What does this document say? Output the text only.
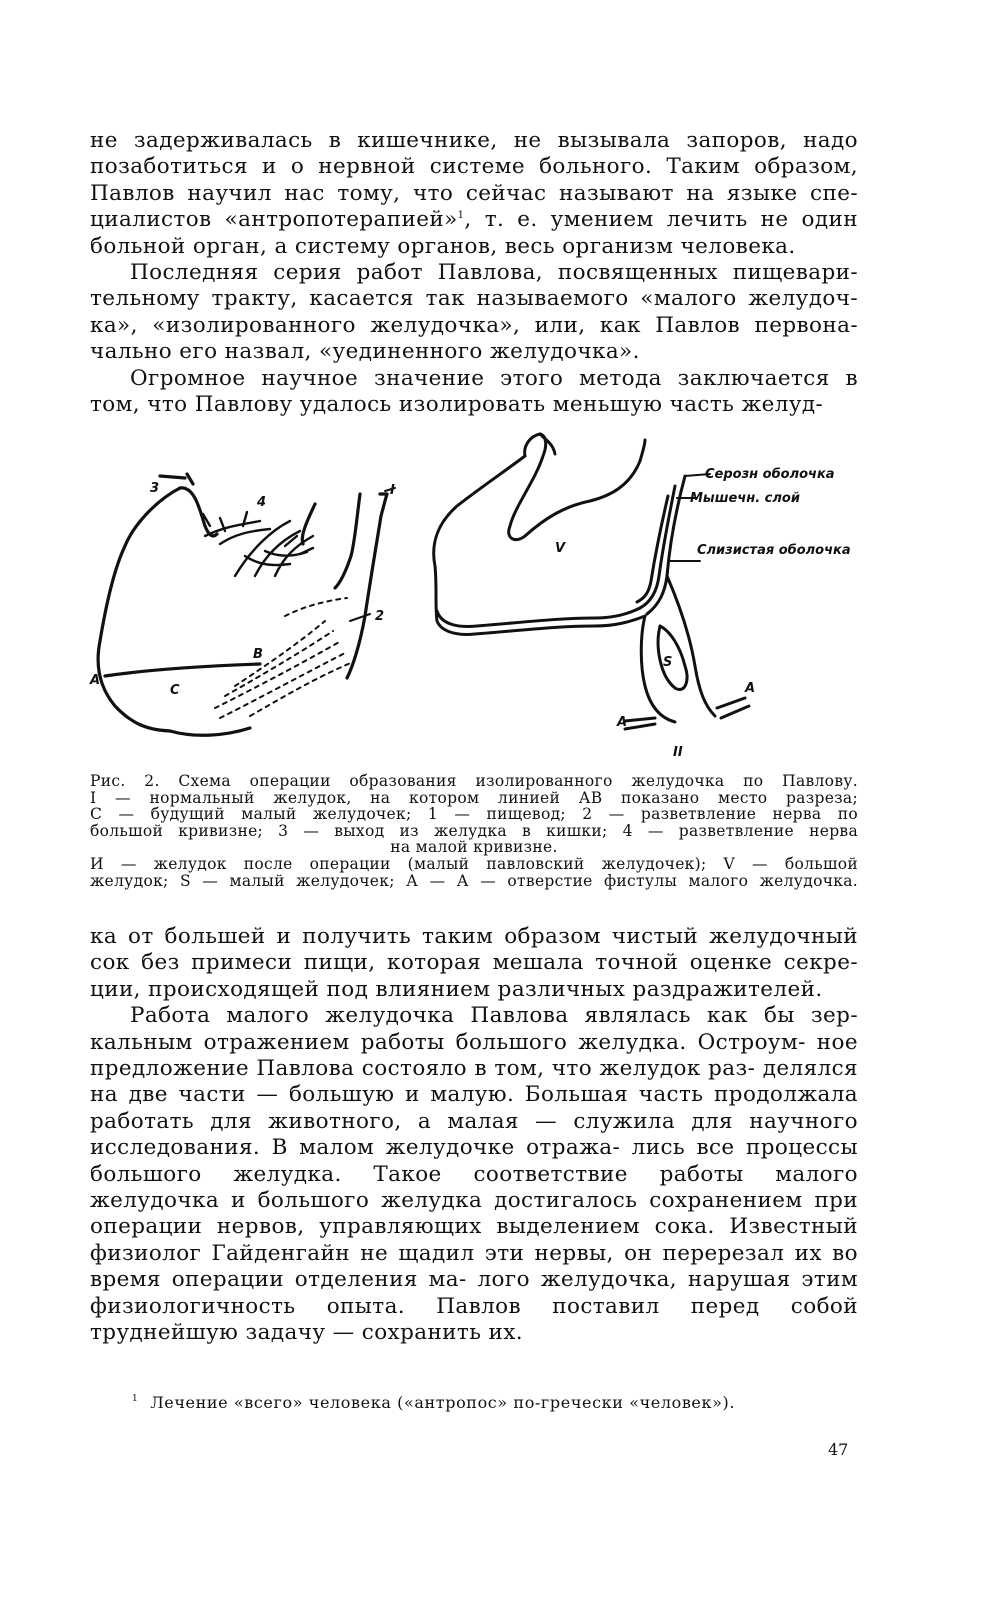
не задерживалась в кишечнике, не вызывала запоров, надо позаботиться и о нервной системе больного. Таким образом, Павлов научил нас тому, что сейчас называют на языке спе- циалистов «антропотерапией»$^1$, т. е. умением лечить не один больной орган, а систему органов, весь организм человека.

Последняя серия работ Павлова, посвященных пищевари- тельному тракту, касается так называемого «малого желудоч- ка», «изолированного желудочка», или, как Павлов первона- чально его назвал, «уединенного желудочка».

Огромное научное значение этого метода заключается в том, что Павлову удалось изолировать меньшую часть желуд-

3
4
I
2
B
A
C
Серозн оболочка
Мышечн. слой
Слизистая оболочка
V
S
A
A
II
Рис. 2. Схема операции образования изолированного желудочка по Павлову.
I — нормальный желудок, на котором линией АВ показано место разреза;
С — будущий малый желудочек; 1 — пищевод; 2 — разветвление нерва по
большой кривизне; 3 — выход из желудка в кишки; 4 — разветвление нерва
на малой кривизне.
И — желудок после операции (малый павловский желудочек); V — большой
желудок; S — малый желудочек; А — А — отверстие фистулы малого желудочка.

ка от большей и получить таким образом чистый желудочный сок без примеси пищи, которая мешала точной оценке секре- ции, происходящей под влиянием различных раздражителей.

Работа малого желудочка Павлова являлась как бы зер- кальным отражением работы большого желудка. Остроум- ное предложение Павлова состояло в том, что желудок раз- делялся на две части — большую и малую. Большая часть продолжала работать для животного, а малая — служила для научного исследования. В малом желудочке отража- лись все процессы большого желудка. Такое соответствие работы малого желудочка и большого желудка достигалось сохранением при операции нервов, управляющих выделением сока. Известный физиолог Гайденгайн не щадил эти нервы, он перерезал их во время операции отделения ма- лого желудочка, нарушая этим физиологичность опыта. Павлов поставил перед собой труднейшую задачу — сохранить их.

$^1$ Лечение «всего» человека («антропос» по-гречески «человек»).
47
